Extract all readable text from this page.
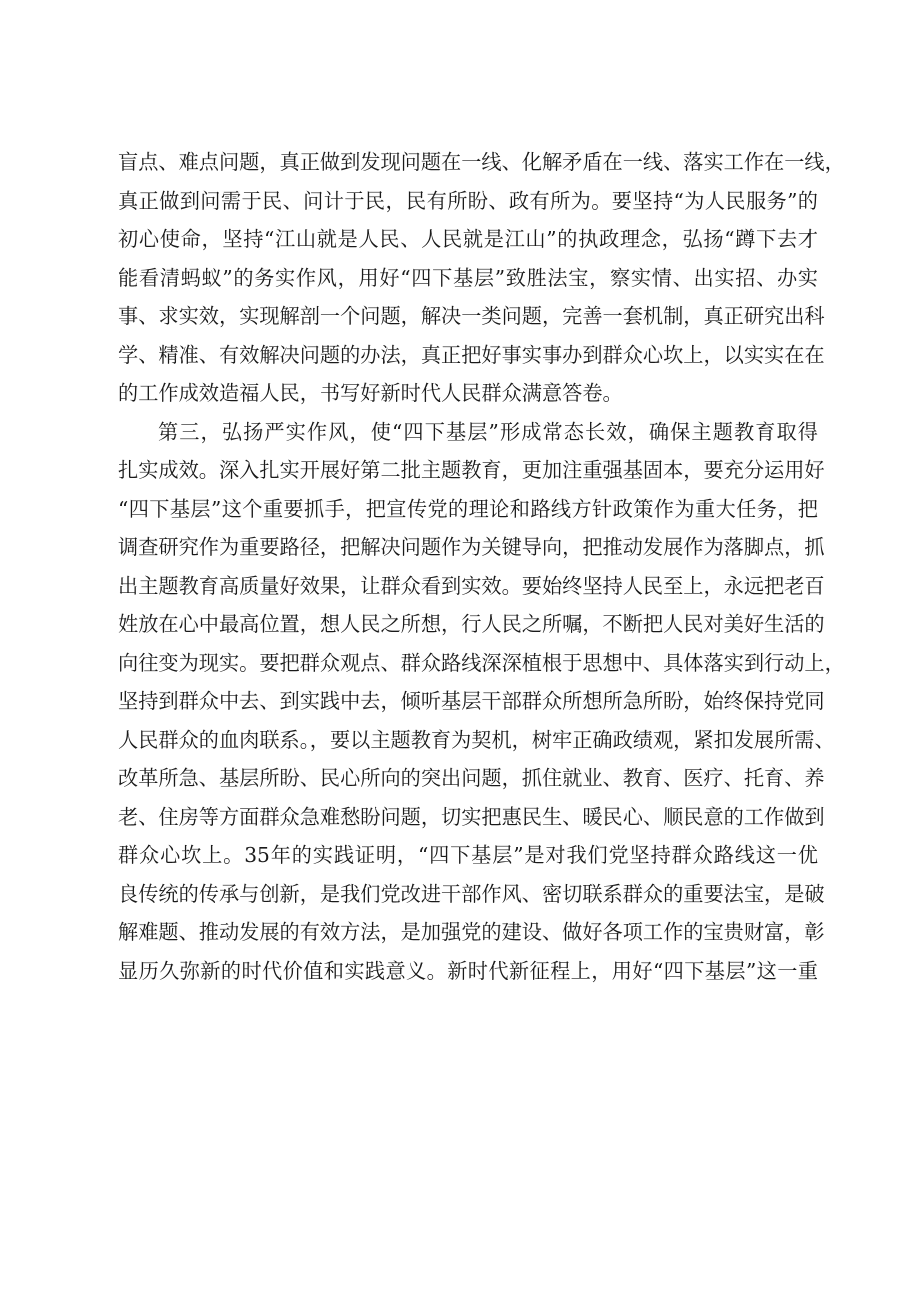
盲点、难点问题，真正做到发现问题在一线、化解矛盾在一线、落实工作在一线，
真正做到问需于民、问计于民，民有所盼、政有所为。要坚持“为人民服务”的
初心使命，坚持“江山就是人民、人民就是江山”的执政理念，弘扬“蹲下去才
能看清蚂蚁”的务实作风，用好“四下基层”致胜法宝，察实情、出实招、办实
事、求实效，实现解剖一个问题，解决一类问题，完善一套机制，真正研究出科
学、精准、有效解决问题的办法，真正把好事实事办到群众心坎上，以实实在在
的工作成效造福人民，书写好新时代人民群众满意答卷。
第三，弘扬严实作风，使“四下基层”形成常态长效，确保主题教育取得
扎实成效。深入扎实开展好第二批主题教育，更加注重强基固本，要充分运用好
“四下基层”这个重要抓手，把宣传党的理论和路线方针政策作为重大任务，把
调查研究作为重要路径，把解决问题作为关键导向，把推动发展作为落脚点，抓
出主题教育高质量好效果，让群众看到实效。要始终坚持人民至上，永远把老百
姓放在心中最高位置，想人民之所想，行人民之所嘱，不断把人民对美好生活的
向往变为现实。要把群众观点、群众路线深深植根于思想中、具体落实到行动上，
坚持到群众中去、到实践中去，倾听基层干部群众所想所急所盼，始终保持党同
人民群众的血肉联系。，要以主题教育为契机，树牢正确政绩观，紧扣发展所需、
改革所急、基层所盼、民心所向的突出问题，抓住就业、教育、医疗、托育、养
老、住房等方面群众急难愁盼问题，切实把惠民生、暖民心、顺民意的工作做到
群众心坎上。35年的实践证明，“四下基层”是对我们党坚持群众路线这一优
良传统的传承与创新，是我们党改进干部作风、密切联系群众的重要法宝，是破
解难题、推动发展的有效方法，是加强党的建设、做好各项工作的宝贵财富，彰
显历久弥新的时代价值和实践意义。新时代新征程上，用好“四下基层”这一重
